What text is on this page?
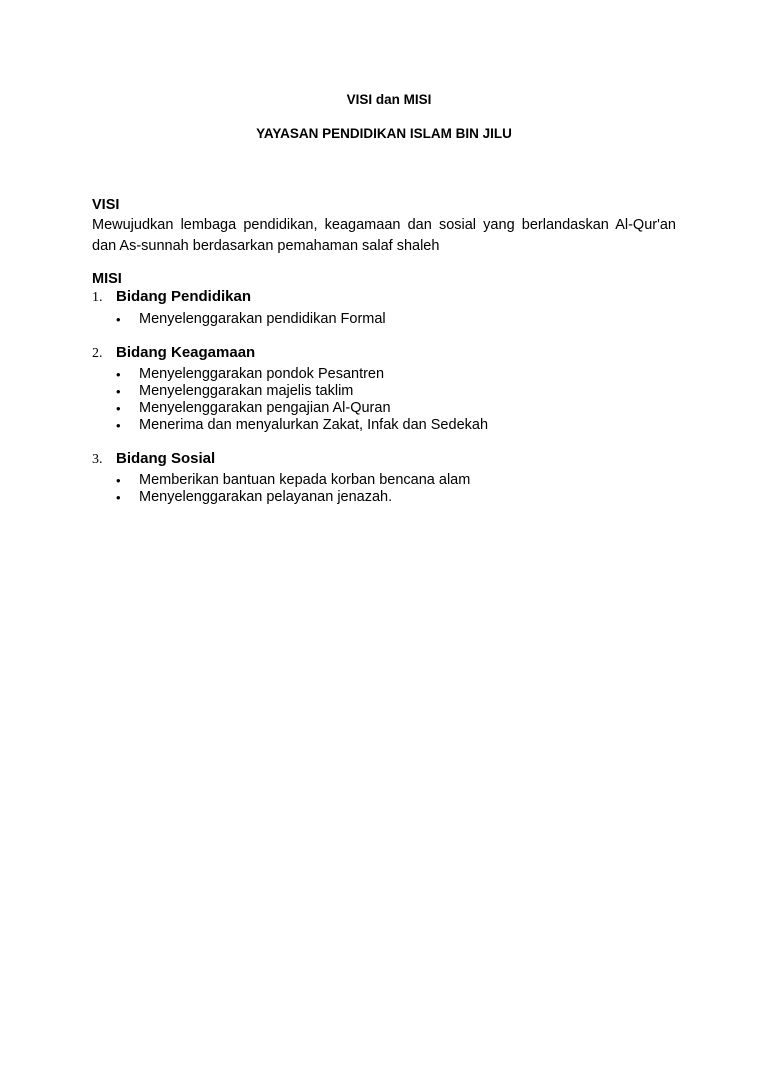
VISI dan MISI
YAYASAN PENDIDIKAN ISLAM BIN JILU
VISI
Mewujudkan lembaga pendidikan, keagamaan dan sosial yang berlandaskan Al-Qur'an dan As-sunnah berdasarkan pemahaman salaf shaleh
MISI
1. Bidang Pendidikan
• Menyelenggarakan pendidikan Formal
2. Bidang Keagamaan
• Menyelenggarakan pondok Pesantren
• Menyelenggarakan majelis taklim
• Menyelenggarakan pengajian Al-Quran
• Menerima dan menyalurkan Zakat, Infak dan Sedekah
3. Bidang Sosial
• Memberikan bantuan kepada korban bencana alam
• Menyelenggarakan pelayanan jenazah.
